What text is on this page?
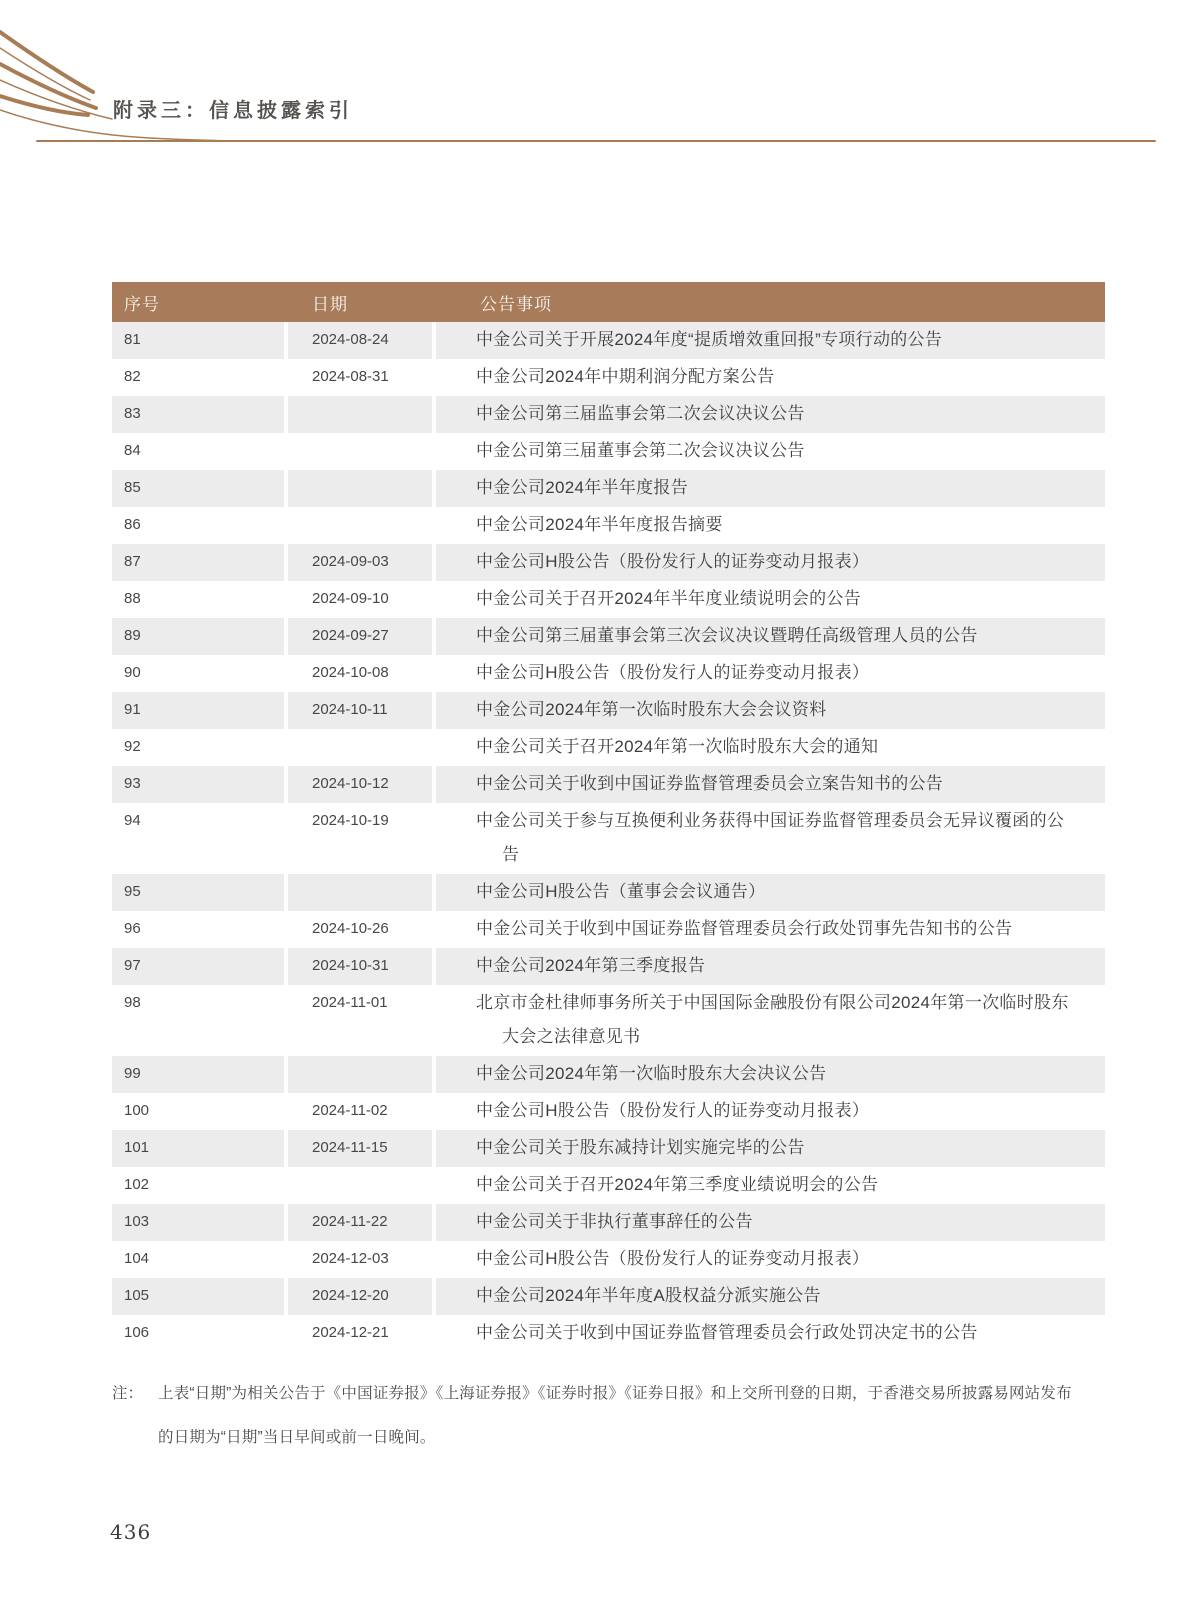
附录三：信息披露索引
序号	日期	公告事项
81	2024-08-24	中金公司关于开展2024年度“提质增效重回报”专项行动的公告
82	2024-08-31	中金公司2024年中期利润分配方案公告
83		中金公司第三届监事会第二次会议决议公告
84		中金公司第三届董事会第二次会议决议公告
85		中金公司2024年半年度报告
86		中金公司2024年半年度报告摘要
87	2024-09-03	中金公司H股公告（股份发行人的证券变动月报表）
88	2024-09-10	中金公司关于召开2024年半年度业绩说明会的公告
89	2024-09-27	中金公司第三届董事会第三次会议决议暨聘任高级管理人员的公告
90	2024-10-08	中金公司H股公告（股份发行人的证券变动月报表）
91	2024-10-11	中金公司2024年第一次临时股东大会会议资料
92		中金公司关于召开2024年第一次临时股东大会的通知
93	2024-10-12	中金公司关于收到中国证券监督管理委员会立案告知书的公告
94	2024-10-19	中金公司关于参与互换便利业务获得中国证券监督管理委员会无异议覆函的公告
95		中金公司H股公告（董事会会议通告）
96	2024-10-26	中金公司关于收到中国证券监督管理委员会行政处罚事先告知书的公告
97	2024-10-31	中金公司2024年第三季度报告
98	2024-11-01	北京市金杜律师事务所关于中国国际金融股份有限公司2024年第一次临时股东大会之法律意见书
99		中金公司2024年第一次临时股东大会决议公告
100	2024-11-02	中金公司H股公告（股份发行人的证券变动月报表）
101	2024-11-15	中金公司关于股东减持计划实施完毕的公告
102		中金公司关于召开2024年第三季度业绩说明会的公告
103	2024-11-22	中金公司关于非执行董事辞任的公告
104	2024-12-03	中金公司H股公告（股份发行人的证券变动月报表）
105	2024-12-20	中金公司2024年半年度A股权益分派实施公告
106	2024-12-21	中金公司关于收到中国证券监督管理委员会行政处罚决定书的公告
注： 上表“日期”为相关公告于《中国证券报》《上海证券报》《证券时报》《证券日报》和上交所刊登的日期，于香港交易所披露易网站发布的日期为“日期”当日早间或前一日晚间。
436
